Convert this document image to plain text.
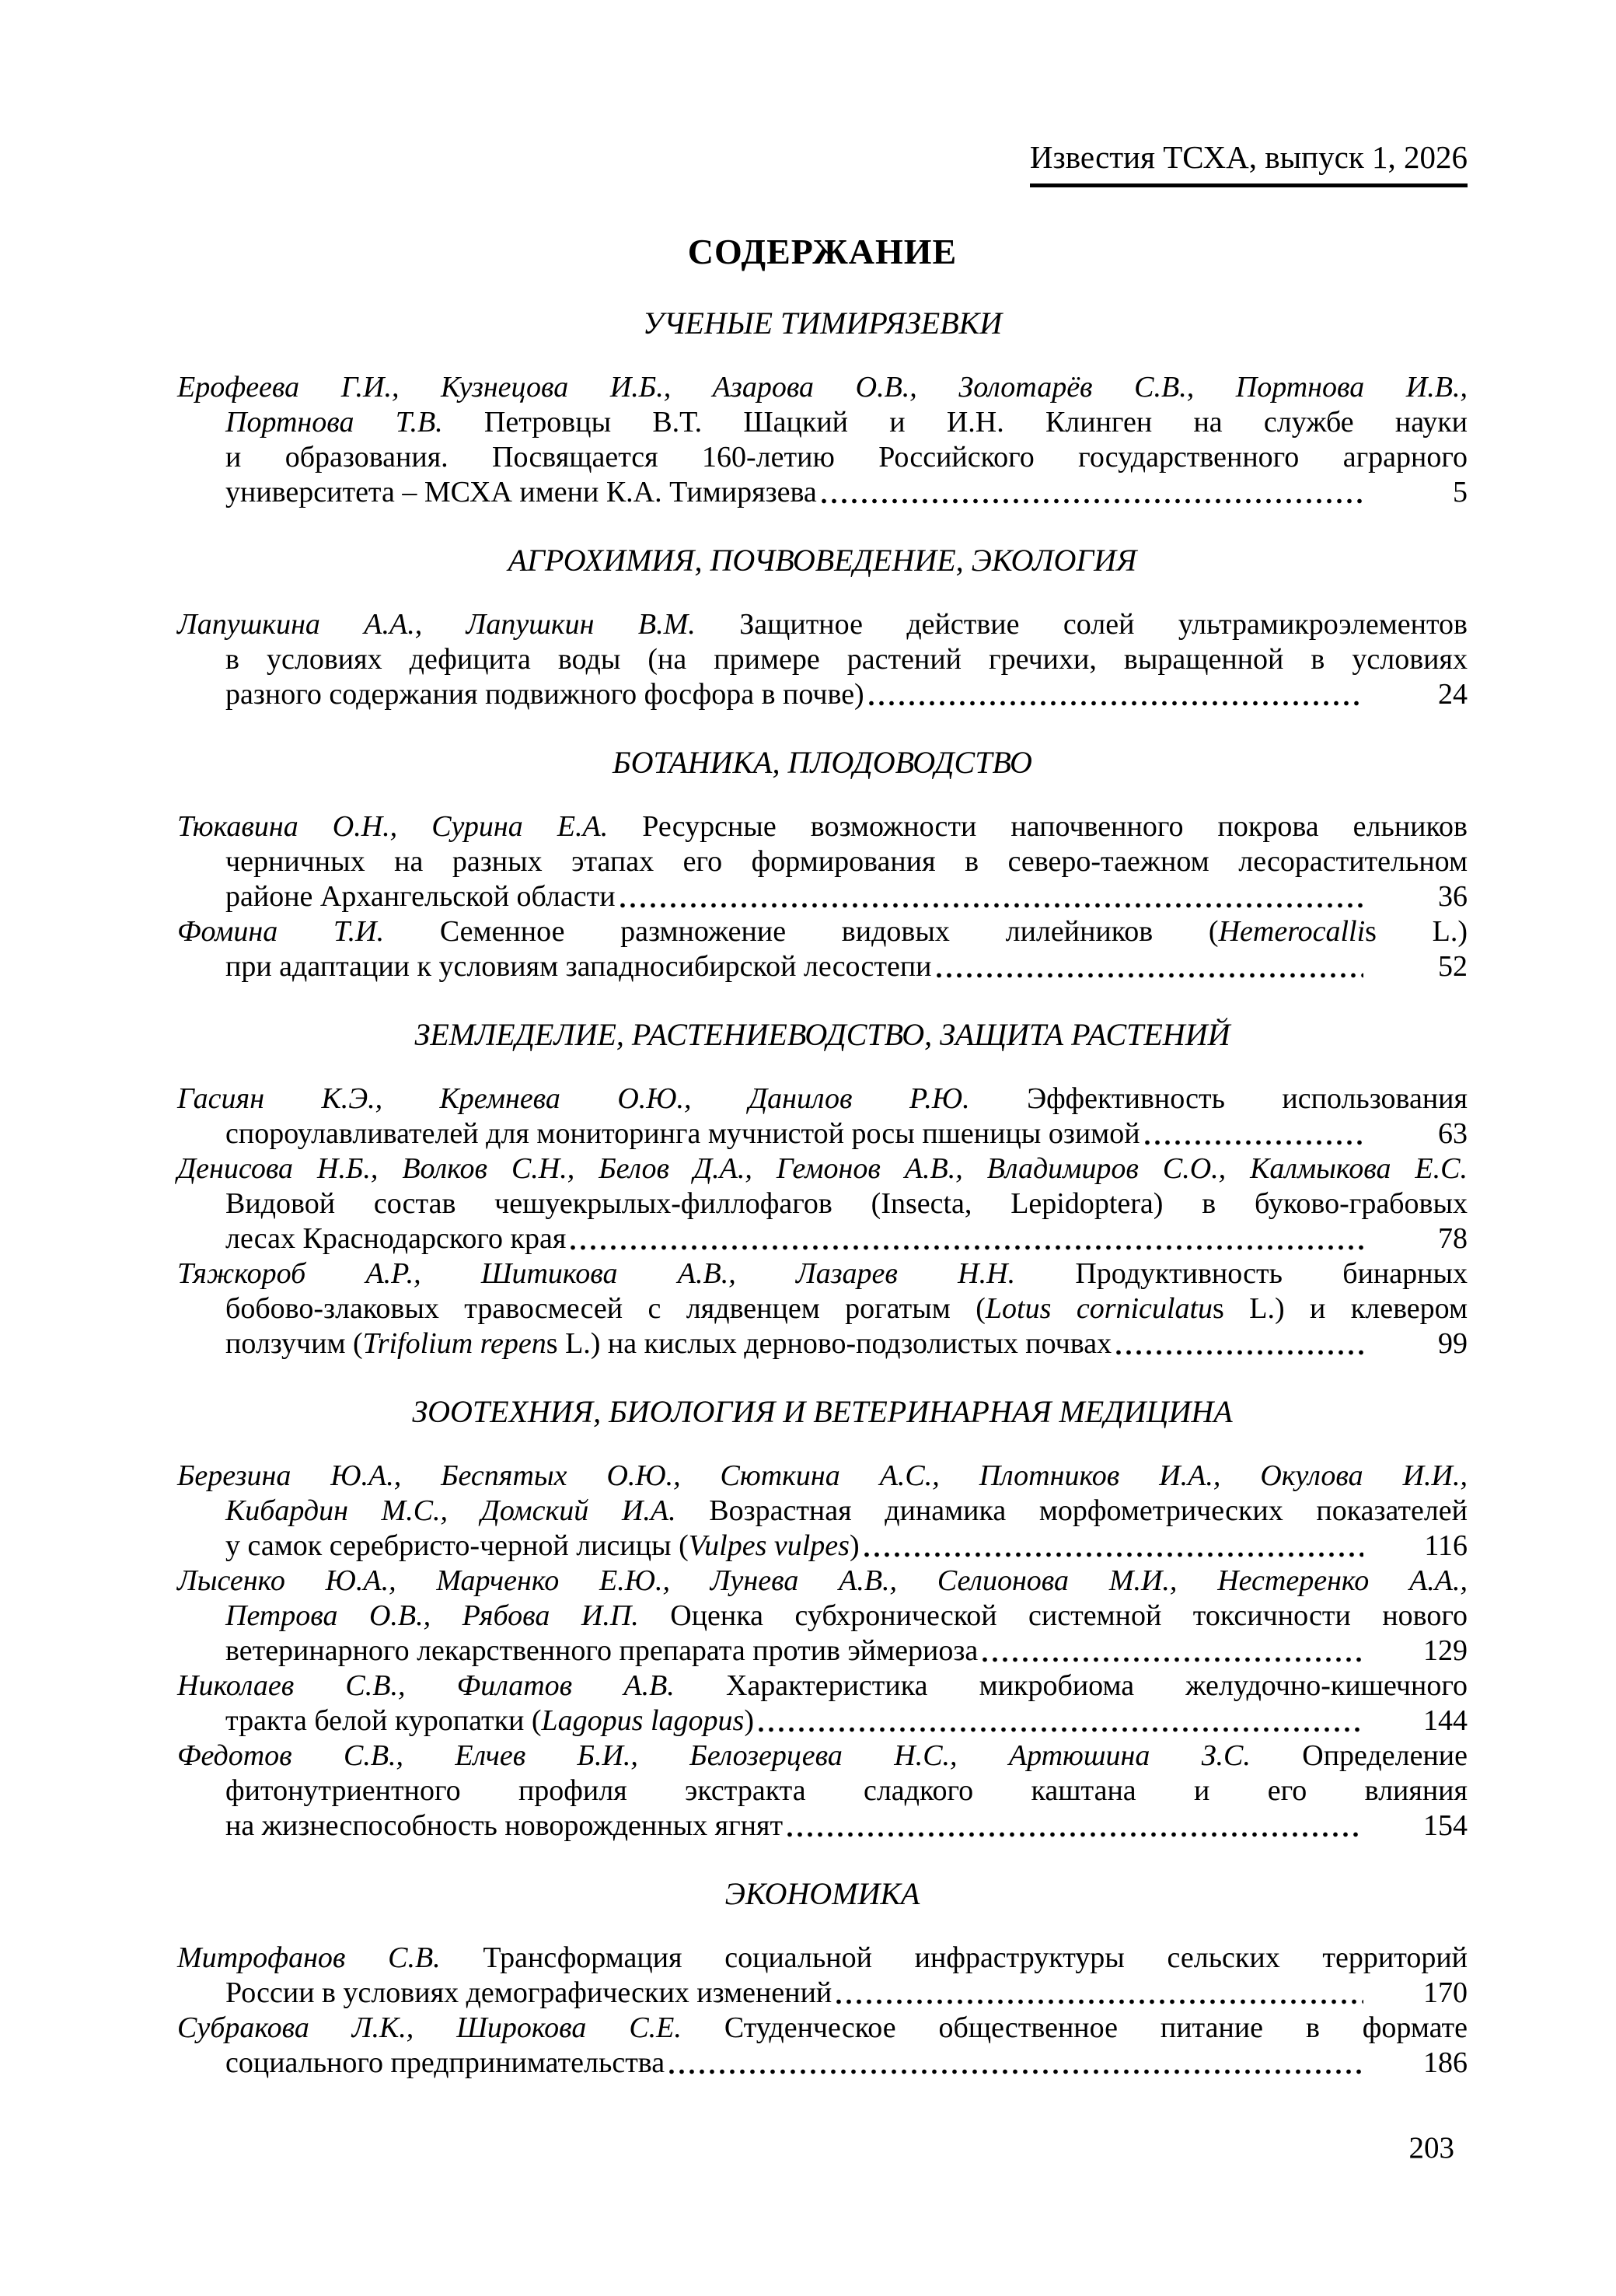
Известия ТСХА, выпуск 1, 2026
СОДЕРЖАНИЕ
УЧЕНЫЕ ТИМИРЯЗЕВКИ
Ерофеева Г.И., Кузнецова И.Б., Азарова О.В., Золотарёв С.В., Портнова И.В.,
Портнова Т.В. Петровцы В.Т. Шацкий и И.Н. Клинген на службе науки
и образования. Посвящается 160-летию Российского государственного аграрного
университета – МСХА имени К.А. Тимирязева	5
АГРОХИМИЯ, ПОЧВОВЕДЕНИЕ, ЭКОЛОГИЯ
Лапушкина А.А., Лапушкин В.М. Защитное действие солей ультрамикроэлементов
в условиях дефицита воды (на примере растений гречихи, выращенной в условиях
разного содержания подвижного фосфора в почве)	24
БОТАНИКА, ПЛОДОВОДСТВО
Тюкавина О.Н., Сурина Е.А. Ресурсные возможности напочвенного покрова ельников
черничных на разных этапах его формирования в северо-таежном лесорастительном
районе Архангельской области	36
Фомина Т.И. Семенное размножение видовых лилейников (Hemerocallis L.)
при адаптации к условиям западносибирской лесостепи	52
ЗЕМЛЕДЕЛИЕ, РАСТЕНИЕВОДСТВО, ЗАЩИТА РАСТЕНИЙ
Гасиян К.Э., Кремнева О.Ю., Данилов Р.Ю. Эффективность использования
спороулавливателей для мониторинга мучнистой росы пшеницы озимой	63
Денисова Н.Б., Волков С.Н., Белов Д.А., Гемонов А.В., Владимиров С.О., Калмыкова Е.С.
Видовой состав чешуекрылых-филлофагов (Insecta, Lepidoptera) в буково-грабовых
лесах Краснодарского края	78
Тяжкороб А.Р., Шитикова А.В., Лазарев Н.Н. Продуктивность бинарных
бобово-злаковых травосмесей с лядвенцем рогатым (Lotus corniculatus L.) и клевером
ползучим (Trifolium repens L.) на кислых дерново-подзолистых почвах	99
ЗООТЕХНИЯ, БИОЛОГИЯ И ВЕТЕРИНАРНАЯ МЕДИЦИНА
Березина Ю.А., Беспятых О.Ю., Сюткина А.С., Плотников И.А., Окулова И.И.,
Кибардин М.С., Домский И.А. Возрастная динамика морфометрических показателей
у самок серебристо-черной лисицы (Vulpes vulpes)	116
Лысенко Ю.А., Марченко Е.Ю., Лунева А.В., Селионова М.И., Нестеренко А.А.,
Петрова О.В., Рябова И.П. Оценка субхронической системной токсичности нового
ветеринарного лекарственного препарата против эймериоза	129
Николаев С.В., Филатов А.В. Характеристика микробиома желудочно-кишечного
тракта белой куропатки (Lagopus lagopus)	144
Федотов С.В., Елчев Б.И., Белозерцева Н.С., Артюшина З.С. Определение
фитонутриентного профиля экстракта сладкого каштана и его влияния
на жизнеспособность новорожденных ягнят	154
ЭКОНОМИКА
Митрофанов С.В. Трансформация социальной инфраструктуры сельских территорий
России в условиях демографических изменений	170
Субракова Л.К., Широкова С.Е. Студенческое общественное питание в формате
социального предпринимательства	186
203
